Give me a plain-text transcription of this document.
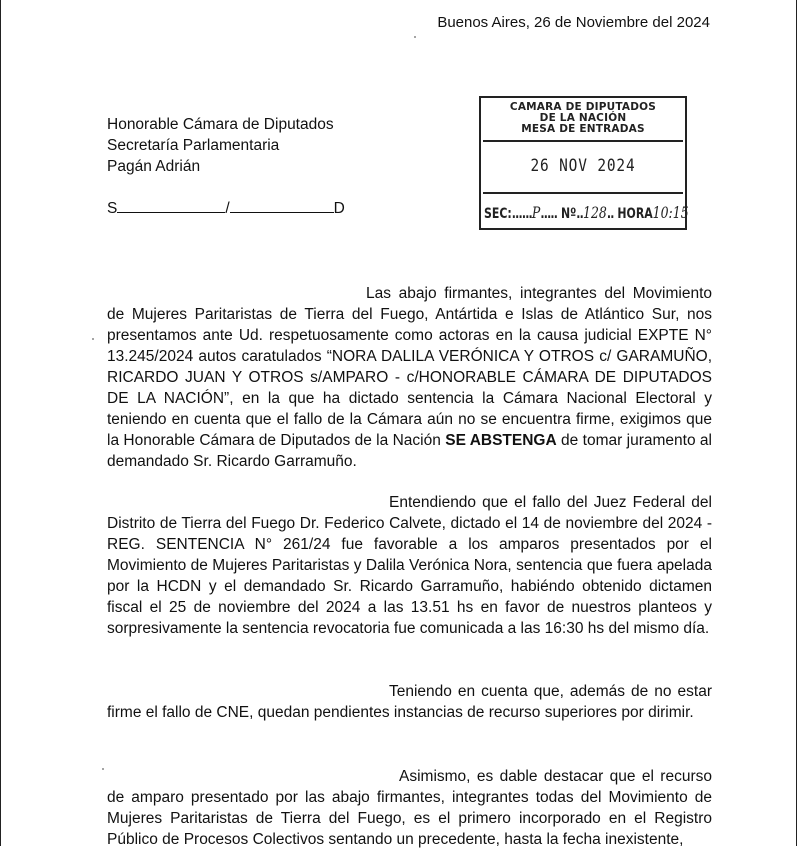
Buenos Aires, 26 de Noviembre del 2024
Honorable Cámara de Diputados
Secretaría Parlamentaria
Pagán Adrián
S	/	D
CAMARA DE DIPUTADOS
DE LA NACIÓN
MESA DE ENTRADAS
26 NOV 2024
SEC:......P..... Nº..128.. HORA10:15

Las abajo firmantes, integrantes del Movimiento de Mujeres Paritaristas de Tierra del Fuego, Antártida e Islas de Atlántico Sur, nos presentamos ante Ud. respetuosamente como actoras en la causa judicial EXPTE N° 13.245/2024 autos caratulados “NORA DALILA VERÓNICA Y OTROS c/ GARAMUÑO, RICARDO JUAN Y OTROS s/AMPARO - c/HONORABLE CÁMARA DE DIPUTADOS DE LA NACIÓN”, en la que ha dictado sentencia la Cámara Nacional Electoral y teniendo en cuenta que el fallo de la Cámara aún no se encuentra firme, exigimos que la Honorable Cámara de Diputados de la Nación SE ABSTENGA de tomar juramento al demandado Sr. Ricardo Garramuño.

Entendiendo que el fallo del Juez Federal del Distrito de Tierra del Fuego Dr. Federico Calvete, dictado el 14 de noviembre del 2024 - REG. SENTENCIA N° 261/24 fue favorable a los amparos presentados por el Movimiento de Mujeres Paritaristas y Dalila Verónica Nora, sentencia que fuera apelada por la HCDN y el demandado Sr. Ricardo Garramuño, habiéndo obtenido dictamen fiscal el 25 de noviembre del 2024 a las 13.51 hs en favor de nuestros planteos y sorpresivamente la sentencia revocatoria fue comunicada a las 16:30 hs del mismo día.

Teniendo en cuenta que, además de no estar firme el fallo de CNE, quedan pendientes instancias de recurso superiores por dirimir.

Asimismo, es dable destacar que el recurso de amparo presentado por las abajo firmantes, integrantes todas del Movimiento de Mujeres Paritaristas de Tierra del Fuego, es el primero incorporado en el Registro Público de Procesos Colectivos sentando un precedente, hasta la fecha inexistente,
